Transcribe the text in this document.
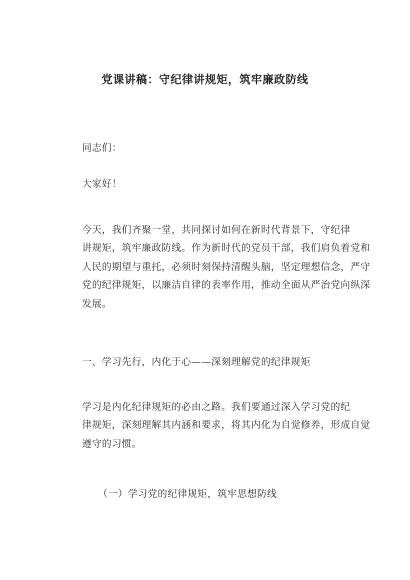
党课讲稿：守纪律讲规矩，筑牢廉政防线

同志们：

大家好！

今天，我们齐聚一堂，共同探讨如何在新时代背景下，守纪律
讲规矩，筑牢廉政防线。作为新时代的党员干部，我们肩负着党和
人民的期望与重托，必须时刻保持清醒头脑，坚定理想信念，严守
党的纪律规矩，以廉洁自律的表率作用，推动全面从严治党向纵深
发展。

一、学习先行，内化于心——深刻理解党的纪律规矩

学习是内化纪律规矩的必由之路。我们要通过深入学习党的纪
律规矩，深刻理解其内涵和要求，将其内化为自觉修养，形成自觉
遵守的习惯。

（一）学习党的纪律规矩，筑牢思想防线
